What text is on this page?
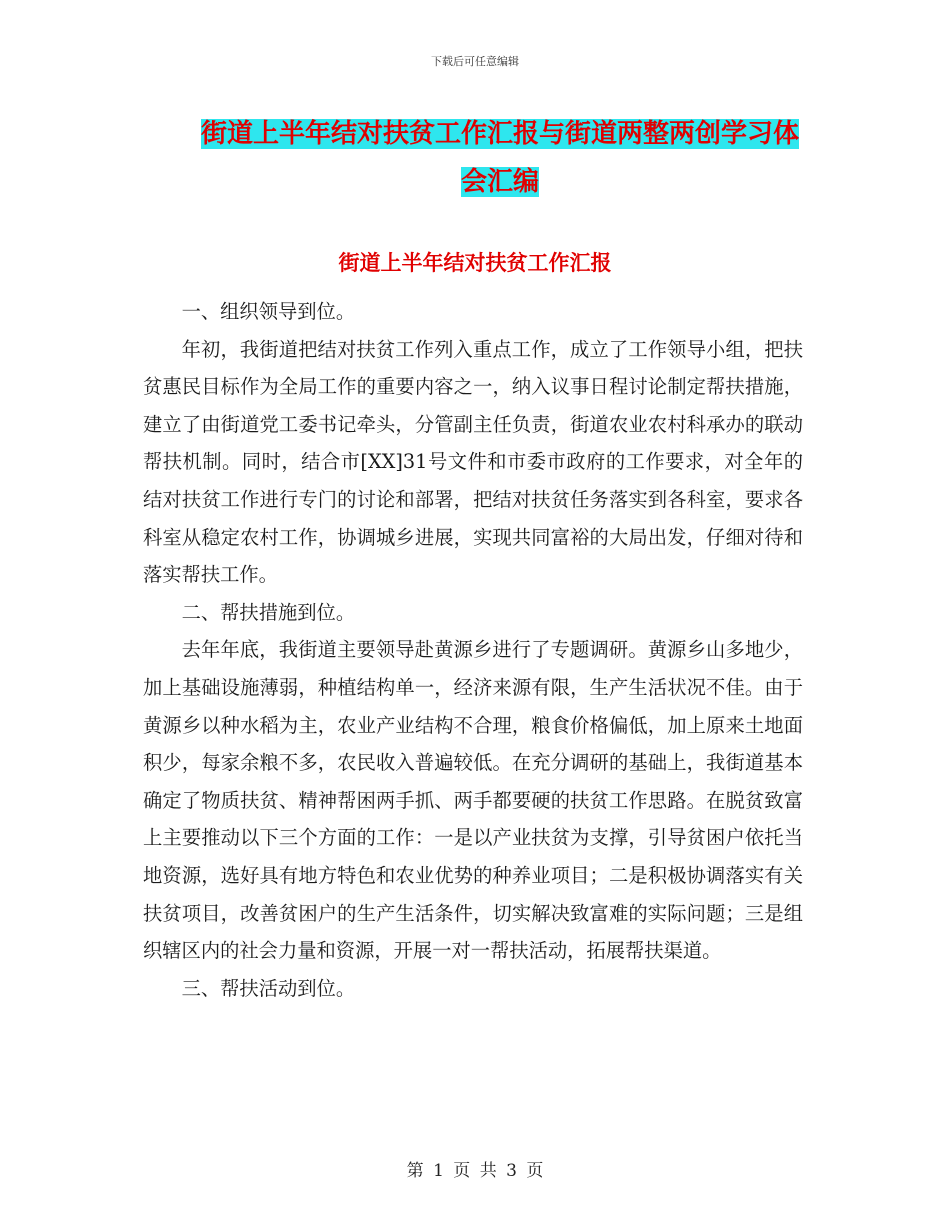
下载后可任意编辑
街道上半年结对扶贫工作汇报与街道两整两创学习体
会汇编
街道上半年结对扶贫工作汇报

一、组织领导到位。

年初，我街道把结对扶贫工作列入重点工作，成立了工作领导小组，把扶贫惠民目标作为全局工作的重要内容之一，纳入议事日程讨论制定帮扶措施，建立了由街道党工委书记牵头，分管副主任负责，街道农业农村科承办的联动帮扶机制。同时，结合市[XX]31号文件和市委市政府的工作要求，对全年的结对扶贫工作进行专门的讨论和部署，把结对扶贫任务落实到各科室，要求各科室从稳定农村工作，协调城乡进展，实现共同富裕的大局出发，仔细对待和落实帮扶工作。

二、帮扶措施到位。

去年年底，我街道主要领导赴黄源乡进行了专题调研。黄源乡山多地少，加上基础设施薄弱，种植结构单一，经济来源有限，生产生活状况不佳。由于黄源乡以种水稻为主，农业产业结构不合理，粮食价格偏低，加上原来土地面积少，每家余粮不多，农民收入普遍较低。在充分调研的基础上，我街道基本确定了物质扶贫、精神帮困两手抓、两手都要硬的扶贫工作思路。在脱贫致富上主要推动以下三个方面的工作：一是以产业扶贫为支撑，引导贫困户依托当地资源，选好具有地方特色和农业优势的种养业项目；二是积极协调落实有关扶贫项目，改善贫困户的生产生活条件，切实解决致富难的实际问题；三是组织辖区内的社会力量和资源，开展一对一帮扶活动，拓展帮扶渠道。

三、帮扶活动到位。

第 1 页 共 3 页
